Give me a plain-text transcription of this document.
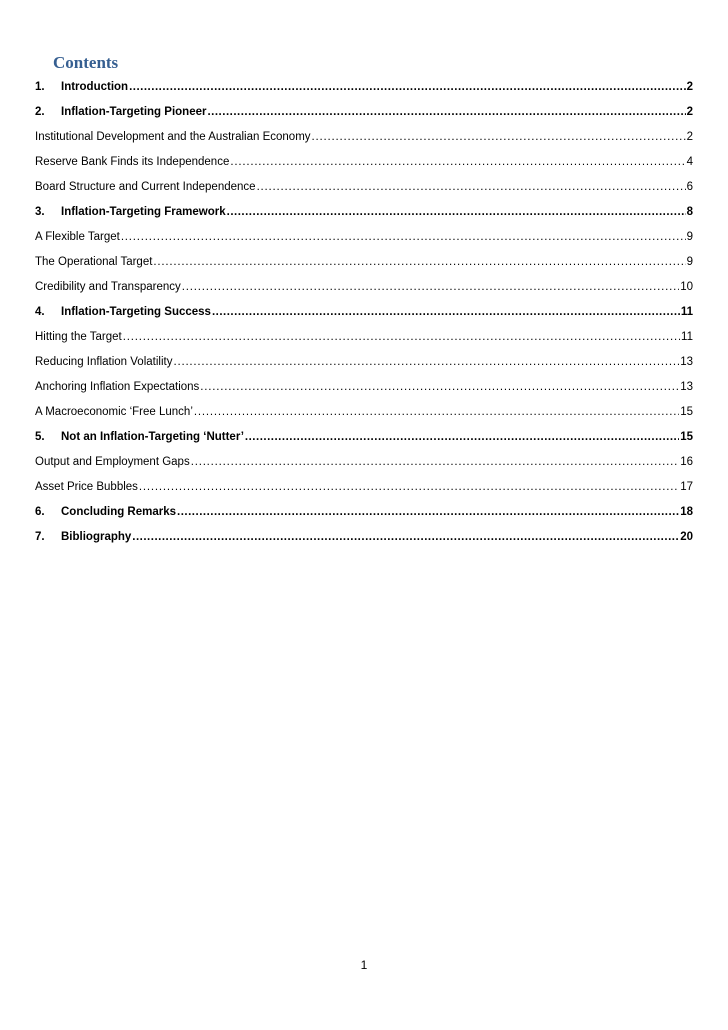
Contents
1.	Introduction .....	2
2.	Inflation-Targeting Pioneer .....	2
Institutional Development and the Australian Economy .....	2
Reserve Bank Finds its Independence .....	4
Board Structure and Current Independence .....	6
3.	Inflation-Targeting Framework .....	8
A Flexible Target .....	9
The Operational Target .....	9
Credibility and Transparency .....	10
4.	Inflation-Targeting Success .....	11
Hitting the Target .....	11
Reducing Inflation Volatility .....	13
Anchoring Inflation Expectations .....	13
A Macroeconomic ‘Free Lunch’ .....	15
5.	Not an Inflation-Targeting ‘Nutter’ .....	15
Output and Employment Gaps .....	16
Asset Price Bubbles .....	17
6.	Concluding Remarks .....	18
7.	Bibliography .....	20
1
